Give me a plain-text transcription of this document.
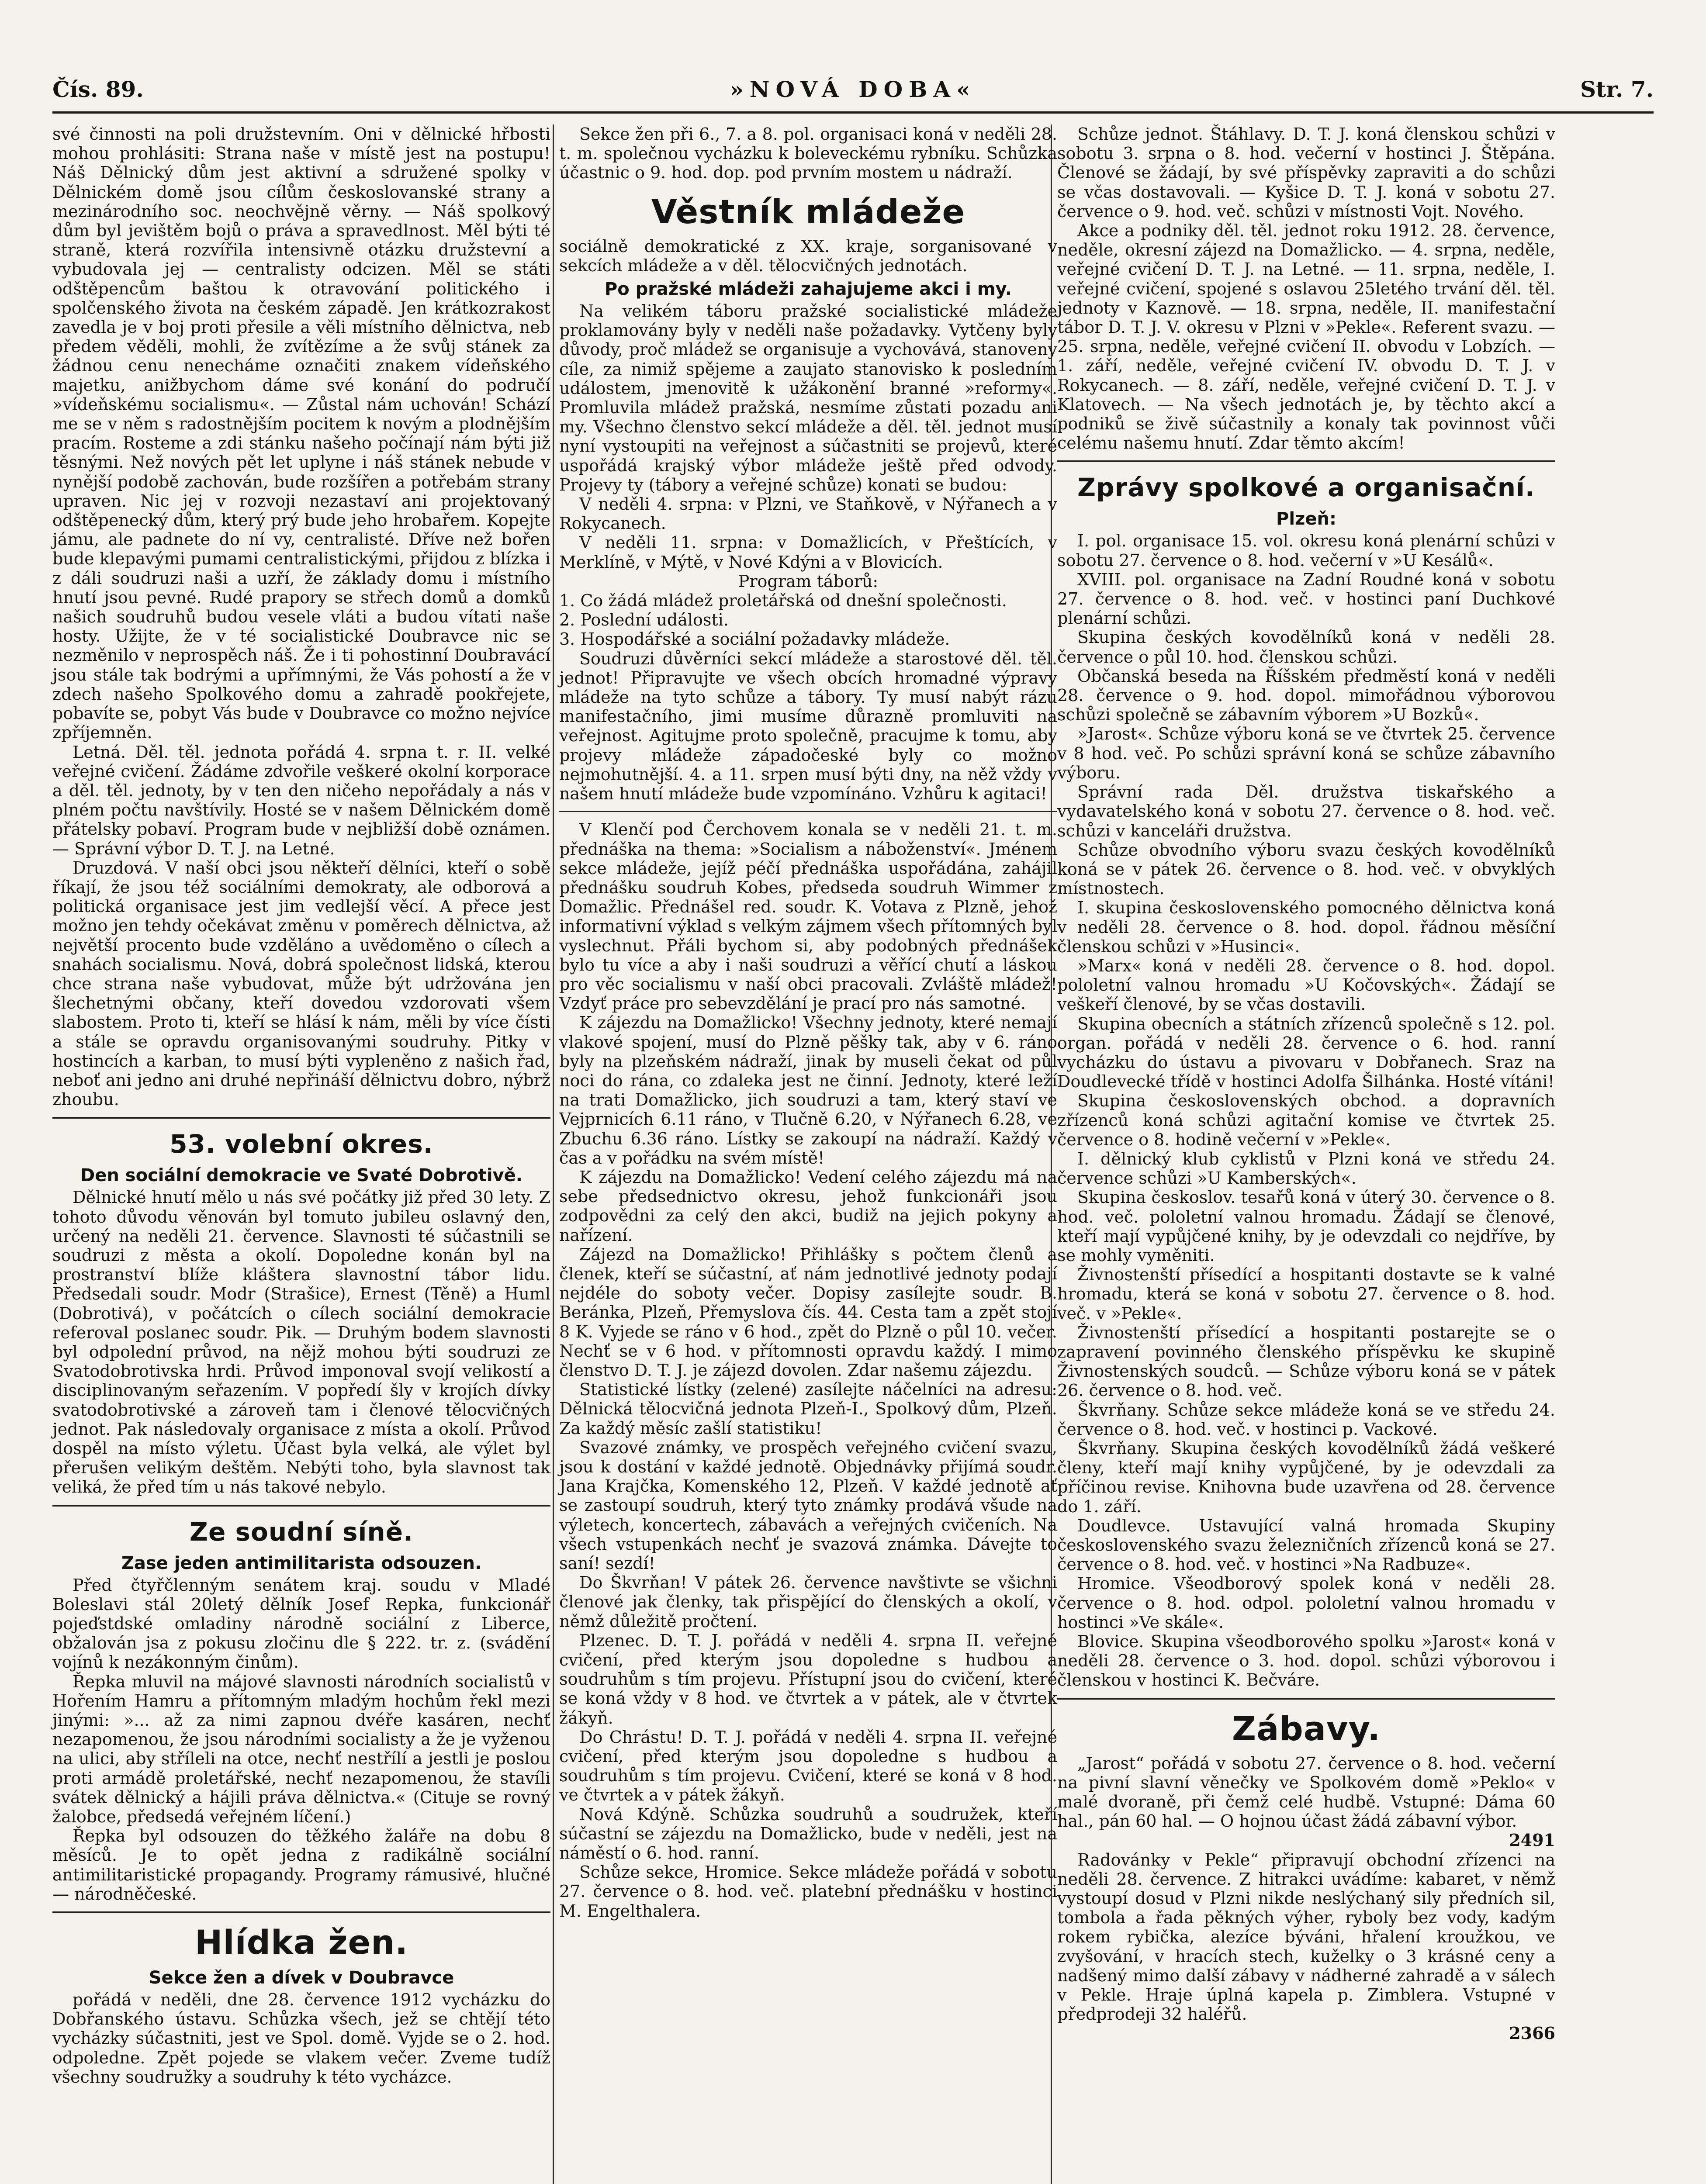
Čís. 89.	»NOVÁ DOBA«	Str. 7.

své činnosti na poli družstevním. Oni v dělnické hřbosti mohou prohlásiti: Strana naše v místě jest na postupu! Náš Dělnický dům jest aktivní a sdružené spolky v Dělnickém domě jsou cílům českoslovanské strany a mezinárodního soc. neochvějně věrny. — Náš spolkový dům byl jevištěm bojů o práva a spravedlnost. Měl býti té straně, která rozvířila intensivně otázku družstevní a vybudovala jej — centralisty odcizen. Měl se státi odštěpencům baštou k otravování politického i spolčenského života na českém západě. Jen krátkozrakost zavedla je v boj proti přesile a věli místního dělnictva, neb předem věděli, mohli, že zvítězíme a že svůj stánek za žádnou cenu nenecháme označiti znakem vídeňského majetku, anižbychom dáme své konání do područí »vídeňskému socialismu«. — Zůstal nám uchován! Schází me se v něm s radostnějším pocitem k novým a plodnějším pracím. Rosteme a zdi stánku našeho počínají nám býti již těsnými. Než nových pět let uplyne i náš stánek nebude v nynější podobě zachován, bude rozšířen a potřebám strany upraven. Nic jej v rozvoji nezastaví ani projektovaný odštěpenecký dům, který prý bude jeho hrobařem. Kopejte jámu, ale padnete do ní vy, centralisté. Dříve než bořen bude klepavými pumami centralistickými, přijdou z blízka i z dáli soudruzi naši a uzří, že základy domu i místního hnutí jsou pevné. Rudé prapory se střech domů a domků našich soudruhů budou vesele vláti a budou vítati naše hosty. Užijte, že v té socialistické Doubravce nic se nezměnilo v neprospěch náš. Že i ti pohostinní Doubravácí jsou stále tak bodrými a upřímnými, že Vás pohostí a že v zdech našeho Spolkového domu a zahradě pookřejete, pobavíte se, pobyt Vás bude v Doubravce co možno nejvíce zpříjemněn.

Letná. Děl. těl. jednota pořádá 4. srpna t. r. II. velké veřejné cvičení. Žádáme zdvořile veškeré okolní korporace a děl. těl. jednoty, by v ten den ničeho nepořádaly a nás v plném počtu navštívily. Hosté se v našem Dělnickém domě přátelsky pobaví. Program bude v nejbližší době oznámen. — Správní výbor D. T. J. na Letné.

Druzdová. V naší obci jsou někteří dělníci, kteří o sobě říkají, že jsou též sociálními demokraty, ale odborová a politická organisace jest jim vedlejší věcí. A přece jest možno jen tehdy očekávat změnu v poměrech dělnictva, až největší procento bude vzděláno a uvědoměno o cílech a snahách socialismu. Nová, dobrá společnost lidská, kterou chce strana naše vybudovat, může být udržována jen šlechetnými občany, kteří dovedou vzdorovati všem slabostem. Proto ti, kteří se hlásí k nám, měli by více čísti a stále se opravdu organisovanými soudruhy. Pitky v hostincích a karban, to musí býti vypleněno z našich řad, neboť ani jedno ani druhé nepřináší dělnictvu dobro, nýbrž zhoubu.

53. volební okres.
Den sociální demokracie ve Svaté Dobrotivě.

Dělnické hnutí mělo u nás své počátky již před 30 lety. Z tohoto důvodu věnován byl tomuto jubileu oslavný den, určený na neděli 21. července. Slavnosti té súčastnili se soudruzi z města a okolí. Dopoledne konán byl na prostranství blíže klášterа slavnostní tábor lidu. Předsedali soudr. Modr (Strašice), Ernest (Těně) a Huml (Dobrotivá), v počátcích o cílech sociální demokracie referoval poslanec soudr. Pik. — Druhým bodem slavnosti byl odpolední průvod, na nějž mohou býti soudruzi ze Svatodobrotivska hrdi. Průvod imponoval svojí velikostí a disciplinovaným seřazením. V popředí šly v krojích dívky svatodobrotivské a zároveň tam i členové tělocvičných jednot. Pak následovaly organisace z místa a okolí. Průvod dospěl na místo výletu. Účast byla velká, ale výlet byl přerušen velikým deštěm. Nebýti toho, byla slavnost tak veliká, že před tím u nás takové nebylo.

Ze soudní síně.
Zase jeden antimilitarista odsouzen.

Před čtyřčlenným senátem kraj. soudu v Mladé Boleslavi stál 20letý dělník Josef Repka, funkcionář pojeďstdské omladiny národně sociální z Liberce, obžalován jsa z pokusu zločinu dle § 222. tr. z. (svádění vojínů k nezákonným činům).

Řepka mluvil na májové slavnosti národních socialistů v Hořením Hamru a přítomným mladým hochům řekl mezi jinými: »... až za nimi zapnou dvéře kasáren, nechť nezapomenou, že jsou národními socialisty a že je vyženou na ulici, aby stříleli na otce, nechť nestřílí a jestli je poslou proti armádě proletářské, nechť nezapomenou, že stavíli svátek dělnický a hájili práva dělnictva.« (Cituje se rovný žalobce, předsedá veřejném líčení.)

Řepka byl odsouzen do těžkého žaláře na dobu 8 měsíců. Je to opět jedna z radikálně sociální antimilitaristické propagandy. Programy rámusivé, hlučné — národněčeské.

Hlídka žen.
Sekce žen a dívek v Doubravce

pořádá v neděli, dne 28. července 1912 vycházku do Dobřanského ústavu. Schůzka všech, jež se chtějí této vycházky súčastniti, jest ve Spol. domě. Vyjde se o 2. hod. odpoledne. Zpět pojede se vlakem večer. Zveme tudíž všechny soudružky a soudruhy k této vycházce.

Sekce žen při 6., 7. a 8. pol. organisaci koná v neděli 28. t. m. společnou vycházku k boleveckému rybníku. Schůzka účastnic o 9. hod. dop. pod prvním mostem u nádraží.

Věstník mládeže

sociálně demokratické z XX. kraje, sorganisované v sekcích mládeže a v děl. tělocvičných jednotách.

Po pražské mládeži zahajujeme akci i my.

Na velikém táboru pražské socialistické mládeže proklamovány byly v neděli naše požadavky. Vytčeny byly důvody, proč mládež se organisuje a vychovává, stanoveny cíle, za nimiž spějeme a zaujato stanovisko k posledním událostem, jmenovitě k užákonění branné »reformy«. Promluvila mládež pražská, nesmíme zůstati pozadu ani my. Všechno členstvo sekcí mládeže a děl. těl. jednot musí nyní vystoupiti na veřejnost a súčastniti se projevů, které uspořádá krajský výbor mládeže ještě před odvody. Projevy ty (tábory a veřejné schůze) konati se budou:

V neděli 4. srpna: v Plzni, ve Staňkově, v Nýřanech a v Rokycanech.

V neděli 11. srpna: v Domažlicích, v Přeštících, v Merklíně, v Mýtě, v Nové Kdýni a v Blovicích.

Program táborů:

1. Co žádá mládež proletářská od dnešní společnosti.

2. Poslední události.

3. Hospodářské a sociální požadavky mládeže.

Soudruzi důvěrníci sekcí mládeže a starostové děl. těl. jednot! Připravujte ve všech obcích hromadné výpravy mládeže na tyto schůze a tábory. Ty musí nabýt rázu manifestačního, jimi musíme důrazně promluviti na veřejnost. Agitujme proto společně, pracujme k tomu, aby projevy mládeže západočeské byly co možno nejmohutnější. 4. a 11. srpen musí býti dny, na něž vždy v našem hnutí mládeže bude vzpomínáno. Vzhůru k agitaci!

V Klenčí pod Čerchovem konala se v neděli 21. t. m. přednáška na thema: »Socialism a náboženství«. Jménem sekce mládeže, jejíž péčí přednáška uspořádána, zahájil přednášku soudruh Kobes, předseda soudruh Wimmer z Domažlic. Přednášel red. soudr. K. Votava z Plzně, jehož informativní výklad s velkým zájmem všech přítomných byl vyslechnut. Přáli bychom si, aby podobných přednášek bylo tu více a aby i naši soudruzi a věřící chutí a láskou pro věc socialismu v naší obci pracovali. Zvláště mládež! Vzdyť práce pro sebevzdělání je prací pro nás samotné.

K zájezdu na Domažlicko! Všechny jednoty, které nemají vlakové spojení, musí do Plzně pěšky tak, aby v 6. ráno byly na plzeňském nádraží, jinak by museli čekat od půl noci do rána, co zdaleka jest ne činní. Jednoty, které leží na trati Domažlicko, jich soudruzi a tam, který staví ve Vejprnicích 6.11 ráno, v Tlučně 6.20, v Nýřanech 6.28, ve Zbuchu 6.36 ráno. Lístky se zakoupí na nádraží. Každý v čas a v pořádku na svém místě!

K zájezdu na Domažlicko! Vedení celého zájezdu má na sebe předsednictvo okresu, jehož funkcionáři jsou zodpovědni za celý den akci, budiž na jejich pokyny a nařízení.

Zájezd na Domažlicko! Přihlášky s počtem členů a členek, kteří se súčastní, ať nám jednotlivé jednoty podají nejdéle do soboty večer. Dopisy zasílejte soudr. B. Beránka, Plzeň, Přemyslova čís. 44. Cesta tam a zpět stojí 8 K. Vyjede se ráno v 6 hod., zpět do Plzně o půl 10. večer. Nechť se v 6 hod. v přítomnosti opravdu každý. I mimo členstvo D. T. J. je zájezd dovolen. Zdar našemu zájezdu.

Statistické lístky (zelené) zasílejte náčelníci na adresu: Dělnická tělocvičná jednota Plzeň-I., Spolkový dům, Plzeň. Za každý měsíc zašlí statistiku!

Svazové známky, ve prospěch veřejného cvičení svazu, jsou k dostání v každé jednotě. Objednávky přijímá soudr. Jana Krajčka, Komenského 12, Plzeň. V každé jednotě ať se zastoupí soudruh, který tyto známky prodává všude na výletech, koncertech, zábavách a veřejných cvičeních. Na všech vstupenkách nechť je svazová známka. Dávejte to saní! sezdí!

Do Škvrňan! V pátek 26. července navštivte se všichni členové jak členky, tak přispějící do členských a okolí, v němž důležitě pročtení.

Plzenec. D. T. J. pořádá v neděli 4. srpna II. veřejné cvičení, před kterým jsou dopoledne s hudbou a soudruhům s tím projevu. Přístupní jsou do cvičení, které se koná vždy v 8 hod. ve čtvrtek a v pátek, ale v čtvrtek žákyň.

Do Chrástu! D. T. J. pořádá v neděli 4. srpna II. veřejné cvičení, před kterým jsou dopoledne s hudbou a soudruhům s tím projevu. Cvičení, které se koná v 8 hod. ve čtvrtek a v pátek žákyň.

Nová Kdýně. Schůzka soudruhů a soudružek, kteří súčastní se zájezdu na Domažlicko, bude v neděli, jest na náměstí o 6. hod. ranní.

Schůze sekce, Hromice. Sekce mládeže pořádá v sobotu 27. července o 8. hod. več. platební přednášku v hostinci M. Engelthalera.

Schůze jednot. Štáhlavy. D. T. J. koná členskou schůzi v sobotu 3. srpna o 8. hod. večerní v hostinci J. Štěpána. Členové se žádají, by své příspěvky zapraviti a do schůzi se včas dostavovali. — Kyšice D. T. J. koná v sobotu 27. července o 9. hod. več. schůzi v místnosti Vojt. Nového.

Akce a podniky děl. těl. jednot roku 1912. 28. července, neděle, okresní zájezd na Domažlicko. — 4. srpna, neděle, veřejné cvičení D. T. J. na Letné. — 11. srpna, neděle, I. veřejné cvičení, spojené s oslavou 25letého trvání děl. těl. jednoty v Kaznově. — 18. srpna, neděle, II. manifestační tábor D. T. J. V. okresu v Plzni v »Pekle«. Referent svazu. — 25. srpna, neděle, veřejné cvičení II. obvodu v Lobzích. — 1. září, neděle, veřejné cvičení IV. obvodu D. T. J. v Rokycanech. — 8. září, neděle, veřejné cvičení D. T. J. v Klatovech. — Na všech jednotách je, by těchto akcí a podniků se živě súčastnily a konaly tak povinnost vůči celému našemu hnutí. Zdar těmto akcím!

Zprávy spolkové a organisační.
Plzeň:

I. pol. organisace 15. vol. okresu koná plenární schůzi v sobotu 27. července o 8. hod. večerní v »U Kesálů«.

XVIII. pol. organisace na Zadní Roudné koná v sobotu 27. července o 8. hod. več. v hostinci paní Duchkové plenární schůzi.

Skupina českých kovodělníků koná v neděli 28. července o půl 10. hod. členskou schůzi.

Občanská beseda na Říšském předměstí koná v neděli 28. července o 9. hod. dopol. mimořádnou výborovou schůzi společně se zábavním výborem »U Bozků«.

»Jarost«. Schůze výboru koná se ve čtvrtek 25. července v 8 hod. več. Po schůzi správní koná se schůze zábavního výboru.

Správní rada Děl. družstva tiskařského a vydavatelského koná v sobotu 27. července o 8. hod. več. schůzi v kanceláři družstva.

Schůze obvodního výboru svazu českých kovodělníků koná se v pátek 26. července o 8. hod. več. v obvyklých místnostech.

I. skupina československého pomocného dělnictva koná v neděli 28. července o 8. hod. dopol. řádnou měsíční členskou schůzi v »Husinci«.

»Marx« koná v neděli 28. července o 8. hod. dopol. pololetní valnou hromadu »U Kočovských«. Žádají se veškeří členové, by se včas dostavili.

Skupina obecních a státních zřízenců společně s 12. pol. organ. pořádá v neděli 28. července o 6. hod. ranní vycházku do ústavu a pivovaru v Dobřanech. Sraz na Doudlevecké třídě v hostinci Adolfa Šilhánka. Hosté vítáni!

Skupina československých obchod. a dopravních zřízenců koná schůzi agitační komise ve čtvrtek 25. července o 8. hodině večerní v »Pekle«.

I. dělnický klub cyklistů v Plzni koná ve středu 24. července schůzi »U Kamberských«.

Skupina českoslov. tesařů koná v úterý 30. července o 8. hod. več. pololetní valnou hromadu. Žádají se členové, kteří mají vypůjčené knihy, by je odevzdali co nejdříve, by se mohly vyměniti.

Živnostenští přísedící a hospitanti dostavte se k valné hromadu, která se koná v sobotu 27. července o 8. hod. več. v »Pekle«.

Živnostenští přísedící a hospitanti postarejte se o zapravení povinného členského příspěvku ke skupině Živnostenských soudců. — Schůze výboru koná se v pátek 26. července o 8. hod. več.

Škvrňany. Schůze sekce mládeže koná se ve středu 24. července o 8. hod. več. v hostinci p. Vackové.

Škvrňany. Skupina českých kovodělníků žádá veškeré členy, kteří mají knihy vypůjčené, by je odevzdali za příčinou revise. Knihovna bude uzavřena od 28. července do 1. září.

Doudlevce. Ustavující valná hromada Skupiny československého svazu železničních zřízenců koná se 27. července o 8. hod. več. v hostinci »Na Radbuze«.

Hromice. Všeodborový spolek koná v neděli 28. července o 8. hod. odpol. pololetní valnou hromadu v hostinci »Ve skále«.

Blovice. Skupina všeodborového spolku »Jarost« koná v neděli 28. července o 3. hod. dopol. schůzi výborovou i členskou v hostinci K. Bečváre.

Zábavy.

„Jarost“ pořádá v sobotu 27. července o 8. hod. večerní na pivní slavní věnečky ve Spolkovém domě »Peklo« v malé dvoraně, při čemž celé hudbě. Vstupné: Dáma 60 hal., pán 60 hal. — O hojnou účast žádá zábavní výbor.

2491

Radovánky v Pekle“ připravují obchodní zřízenci na neděli 28. července. Z hitrakci uvádíme: kabaret, v němž vystoupí dosud v Plzni nikde neslýchaný sily předních sil, tombola a řada pěkných výher, ryboly bez vody, kadým rokem rybička, alezíce býváni, hřalení kroužkou, ve zvyšování, v hracích stech, kuželky o 3 krásné ceny a nadšený mimo další zábavy v nádherné zahradě a v sálech v Pekle. Hraje úplná kapela p. Zimblera. Vstupné v předprodeji 32 haléřů.

2366
